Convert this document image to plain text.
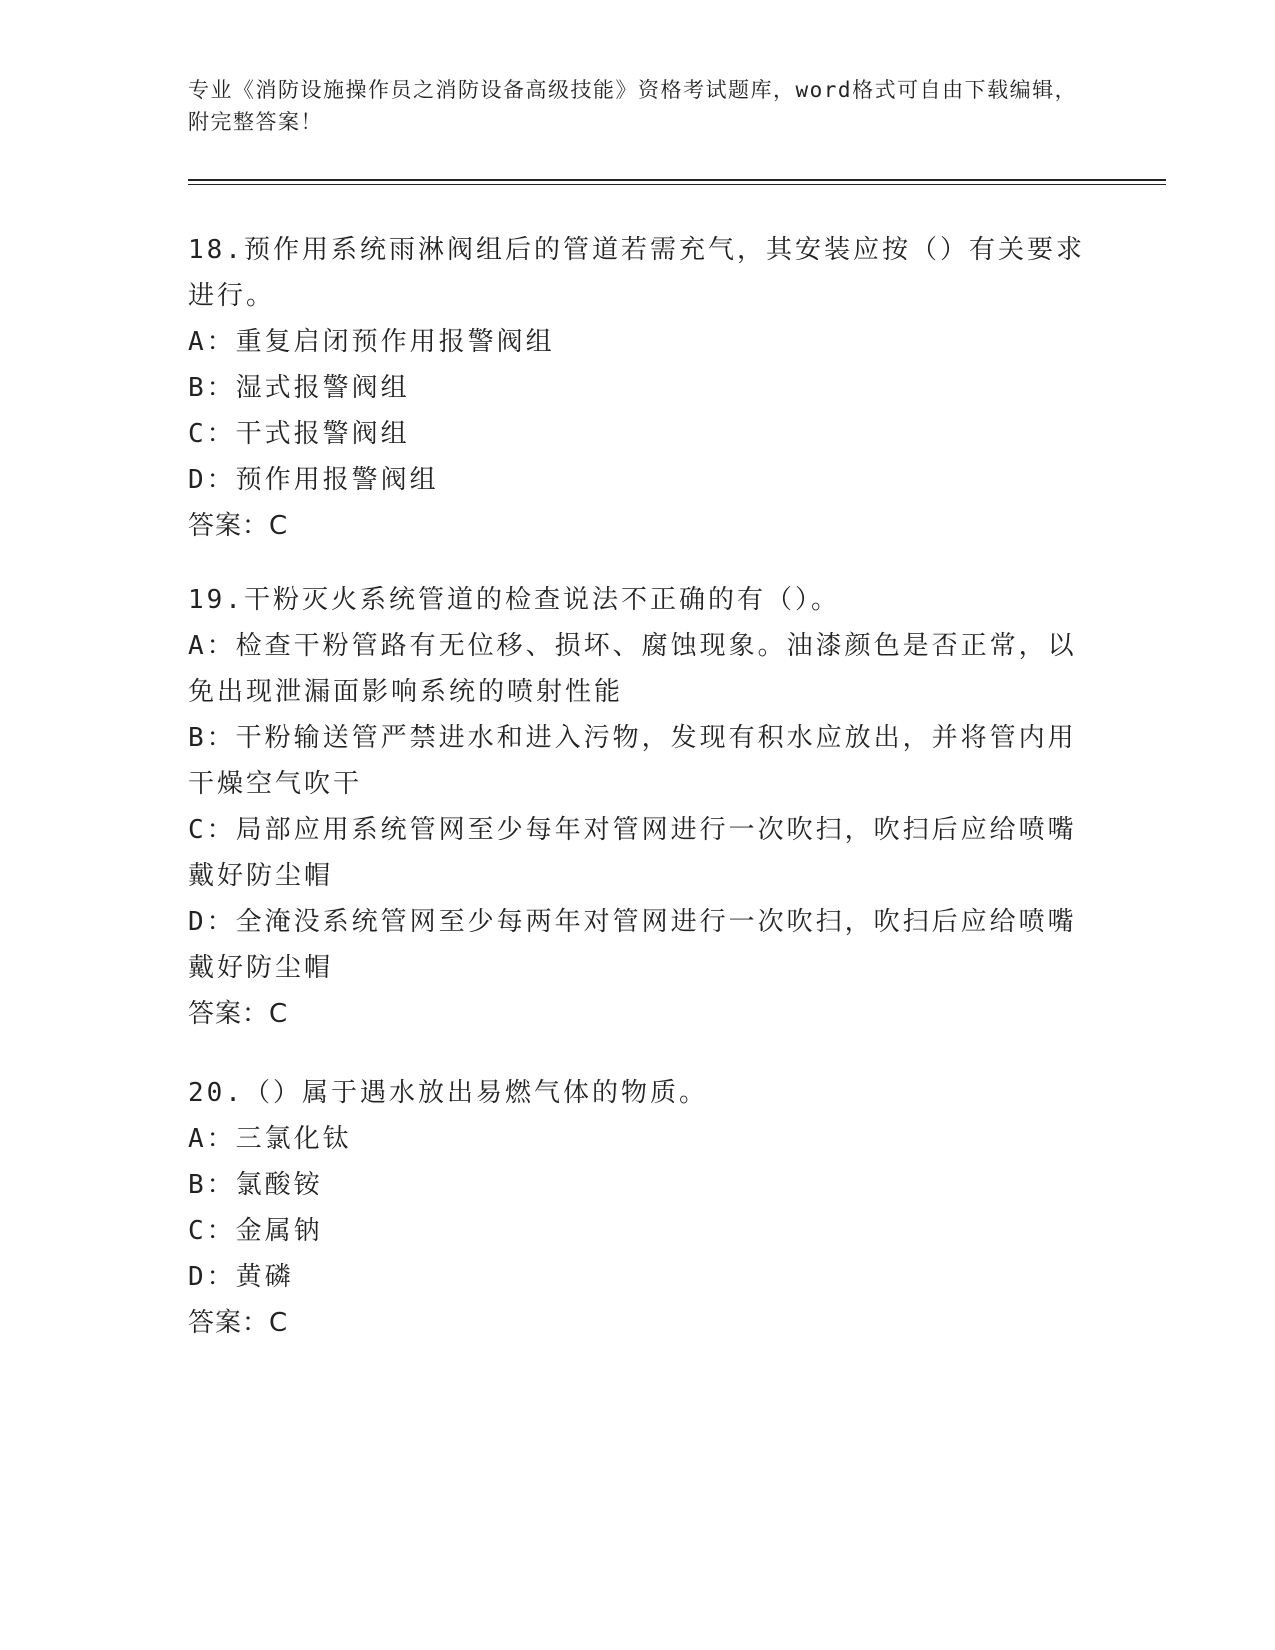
专业《消防设施操作员之消防设备高级技能》资格考试题库，word格式可自由下载编辑，附完整答案！
18.预作用系统雨淋阀组后的管道若需充气，其安装应按（）有关要求进行。
A：重复启闭预作用报警阀组
B：湿式报警阀组
C：干式报警阀组
D：预作用报警阀组
答案：C
19.干粉灭火系统管道的检查说法不正确的有（）。
A：检查干粉管路有无位移、损坏、腐蚀现象。油漆颜色是否正常，以免出现泄漏面影响系统的喷射性能
B：干粉输送管严禁进水和进入污物，发现有积水应放出，并将管内用干燥空气吹干
C：局部应用系统管网至少每年对管网进行一次吹扫，吹扫后应给喷嘴戴好防尘帽
D：全淹没系统管网至少每两年对管网进行一次吹扫，吹扫后应给喷嘴戴好防尘帽
答案：C
20.（）属于遇水放出易燃气体的物质。
A：三氯化钛
B：氯酸铵
C：金属钠
D：黄磷
答案：C
